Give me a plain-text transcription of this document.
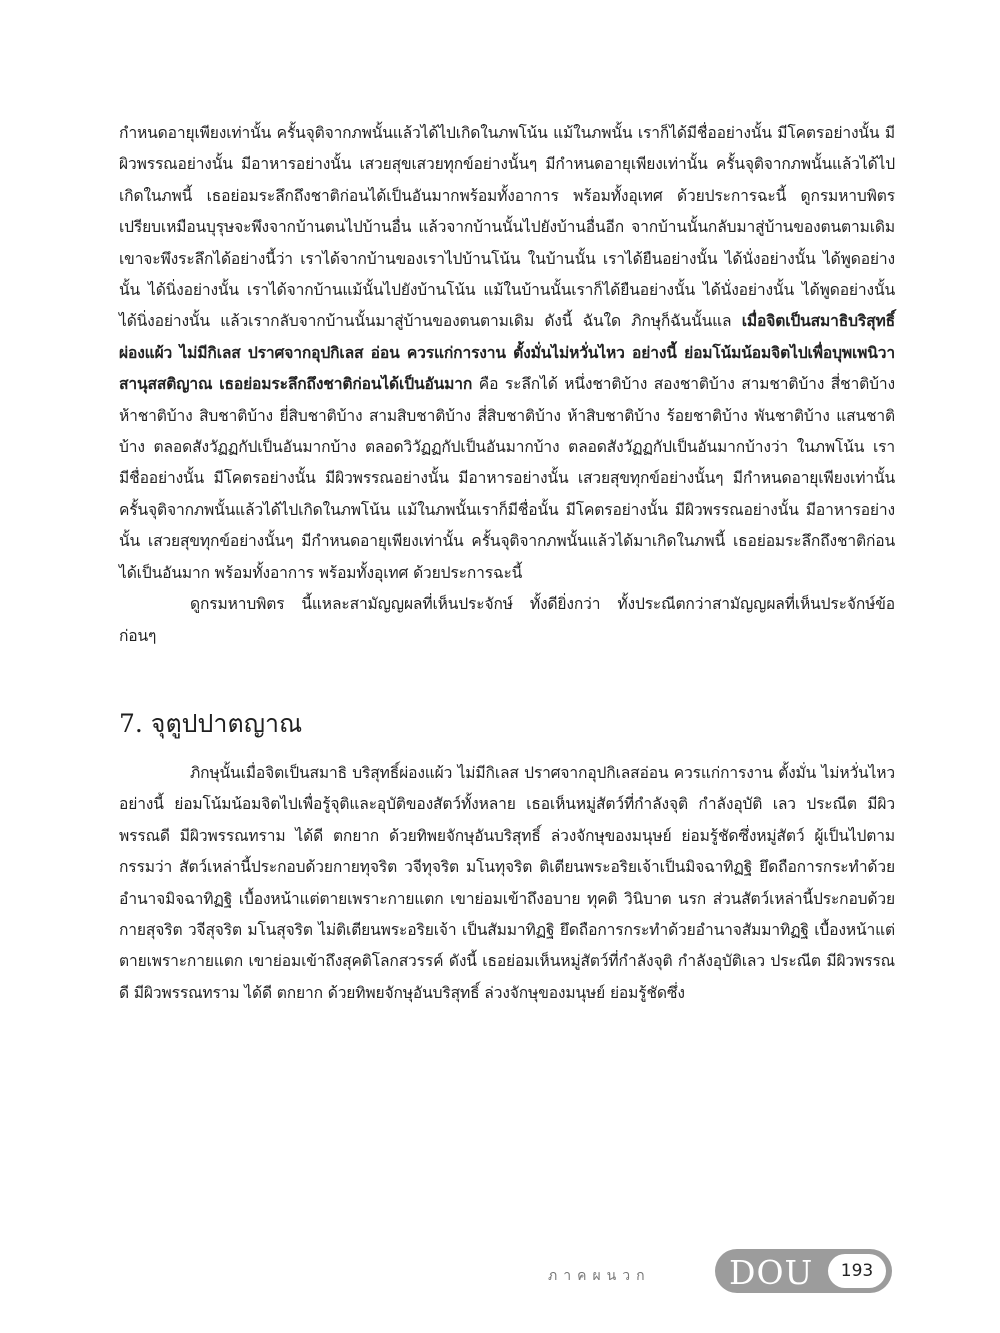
กำหนดอายุเพียงเท่านั้น ครั้นจุติจากภพนั้นแล้วได้ไปเกิดในภพโน้น แม้ในภพนั้น เราก็ได้มีชื่ออย่างนั้น มีโคตรอย่างนั้น มีผิวพรรณอย่างนั้น มีอาหารอย่างนั้น เสวยสุขเสวยทุกข์อย่างนั้นๆ มีกำหนดอายุเพียงเท่านั้น ครั้นจุติจากภพนั้นแล้วได้ไปเกิดในภพนี้ เธอย่อมระลึกถึงชาติก่อนได้เป็นอันมากพร้อมทั้งอาการ พร้อมทั้งอุเทศ ด้วยประการฉะนี้ ดูกรมหาบพิตร เปรียบเหมือนบุรุษจะพึงจากบ้านตนไปบ้านอื่น แล้วจากบ้านนั้นไปยังบ้านอื่นอีก จากบ้านนั้นกลับมาสู่บ้านของตนตามเดิม เขาจะพึงระลึกได้อย่างนี้ว่า เราได้จากบ้านของเราไปบ้านโน้น ในบ้านนั้น เราได้ยืนอย่างนั้น ได้นั่งอย่างนั้น ได้พูดอย่างนั้น ได้นิ่งอย่างนั้น เราได้จากบ้านแม้นั้นไปยังบ้านโน้น แม้ในบ้านนั้นเราก็ได้ยืนอย่างนั้น ได้นั่งอย่างนั้น ได้พูดอย่างนั้น ได้นิ่งอย่างนั้น แล้วเรากลับจากบ้านนั้นมาสู่บ้านของตนตามเดิม ดังนี้ ฉันใด ภิกษุก็ฉันนั้นแล เมื่อจิตเป็นสมาธิบริสุทธิ์ผ่องแผ้ว ไม่มีกิเลส ปราศจากอุปกิเลส อ่อน ควรแก่การงาน ตั้งมั่นไม่หวั่นไหว อย่างนี้ ย่อมโน้มน้อมจิตไปเพื่อบุพเพนิวาสานุสสติญาณ เธอย่อมระลึกถึงชาติก่อนได้เป็นอันมาก คือ ระลึกได้ หนึ่งชาติบ้าง สองชาติบ้าง สามชาติบ้าง สี่ชาติบ้าง ห้าชาติบ้าง สิบชาติบ้าง ยี่สิบชาติบ้าง สามสิบชาติบ้าง สี่สิบชาติบ้าง ห้าสิบชาติบ้าง ร้อยชาติบ้าง พันชาติบ้าง แสนชาติบ้าง ตลอดสังวัฏฏกัปเป็นอันมากบ้าง ตลอดวิวัฏฏกัปเป็นอันมากบ้าง ตลอดสังวัฏฏกัปเป็นอันมากบ้างว่า ในภพโน้น เรามีชื่ออย่างนั้น มีโคตรอย่างนั้น มีผิวพรรณอย่างนั้น มีอาหารอย่างนั้น เสวยสุขทุกข์อย่างนั้นๆ มีกำหนดอายุเพียงเท่านั้น ครั้นจุติจากภพนั้นแล้วได้ไปเกิดในภพโน้น แม้ในภพนั้นเราก็มีชื่อนั้น มีโคตรอย่างนั้น มีผิวพรรณอย่างนั้น มีอาหารอย่างนั้น เสวยสุขทุกข์อย่างนั้นๆ มีกำหนดอายุเพียงเท่านั้น ครั้นจุติจากภพนั้นแล้วได้มาเกิดในภพนี้ เธอย่อมระลึกถึงชาติก่อนได้เป็นอันมาก พร้อมทั้งอาการ พร้อมทั้งอุเทศ ด้วยประการฉะนี้

ดูกรมหาบพิตร นี้แหละสามัญญผลที่เห็นประจักษ์ ทั้งดียิ่งกว่า ทั้งประณีตกว่าสามัญญผลที่เห็นประจักษ์ข้อก่อนๆ

7. จุตูปปาตญาณ

ภิกษุนั้นเมื่อจิตเป็นสมาธิ บริสุทธิ์ผ่องแผ้ว ไม่มีกิเลส ปราศจากอุปกิเลสอ่อน ควรแก่การงาน ตั้งมั่น ไม่หวั่นไหวอย่างนี้ ย่อมโน้มน้อมจิตไปเพื่อรู้จุติและอุบัติของสัตว์ทั้งหลาย เธอเห็นหมู่สัตว์ที่กำลังจุติ กำลังอุบัติ เลว ประณีต มีผิวพรรณดี มีผิวพรรณทราม ได้ดี ตกยาก ด้วยทิพยจักษุอันบริสุทธิ์ ล่วงจักษุของมนุษย์ ย่อมรู้ชัดซึ่งหมู่สัตว์ ผู้เป็นไปตามกรรมว่า สัตว์เหล่านี้ประกอบด้วยกายทุจริต วจีทุจริต มโนทุจริต ติเตียนพระอริยเจ้าเป็นมิจฉาทิฏฐิ ยึดถือการกระทำด้วยอำนาจมิจฉาทิฏฐิ เบื้องหน้าแต่ตายเพราะกายแตก เขาย่อมเข้าถึงอบาย ทุคติ วินิบาต นรก ส่วนสัตว์เหล่านี้ประกอบด้วยกายสุจริต วจีสุจริต มโนสุจริต ไม่ติเตียนพระอริยเจ้า เป็นสัมมาทิฏฐิ ยึดถือการกระทำด้วยอำนาจสัมมาทิฏฐิ เบื้องหน้าแต่ตายเพราะกายแตก เขาย่อมเข้าถึงสุคติโลกสวรรค์ ดังนี้ เธอย่อมเห็นหมู่สัตว์ที่กำลังจุติ กำลังอุบัติเลว ประณีต มีผิวพรรณดี มีผิวพรรณทราม ได้ดี ตกยาก ด้วยทิพยจักษุอันบริสุทธิ์ ล่วงจักษุของมนุษย์ ย่อมรู้ชัดซึ่ง

ภาคผนวก DOU	193
